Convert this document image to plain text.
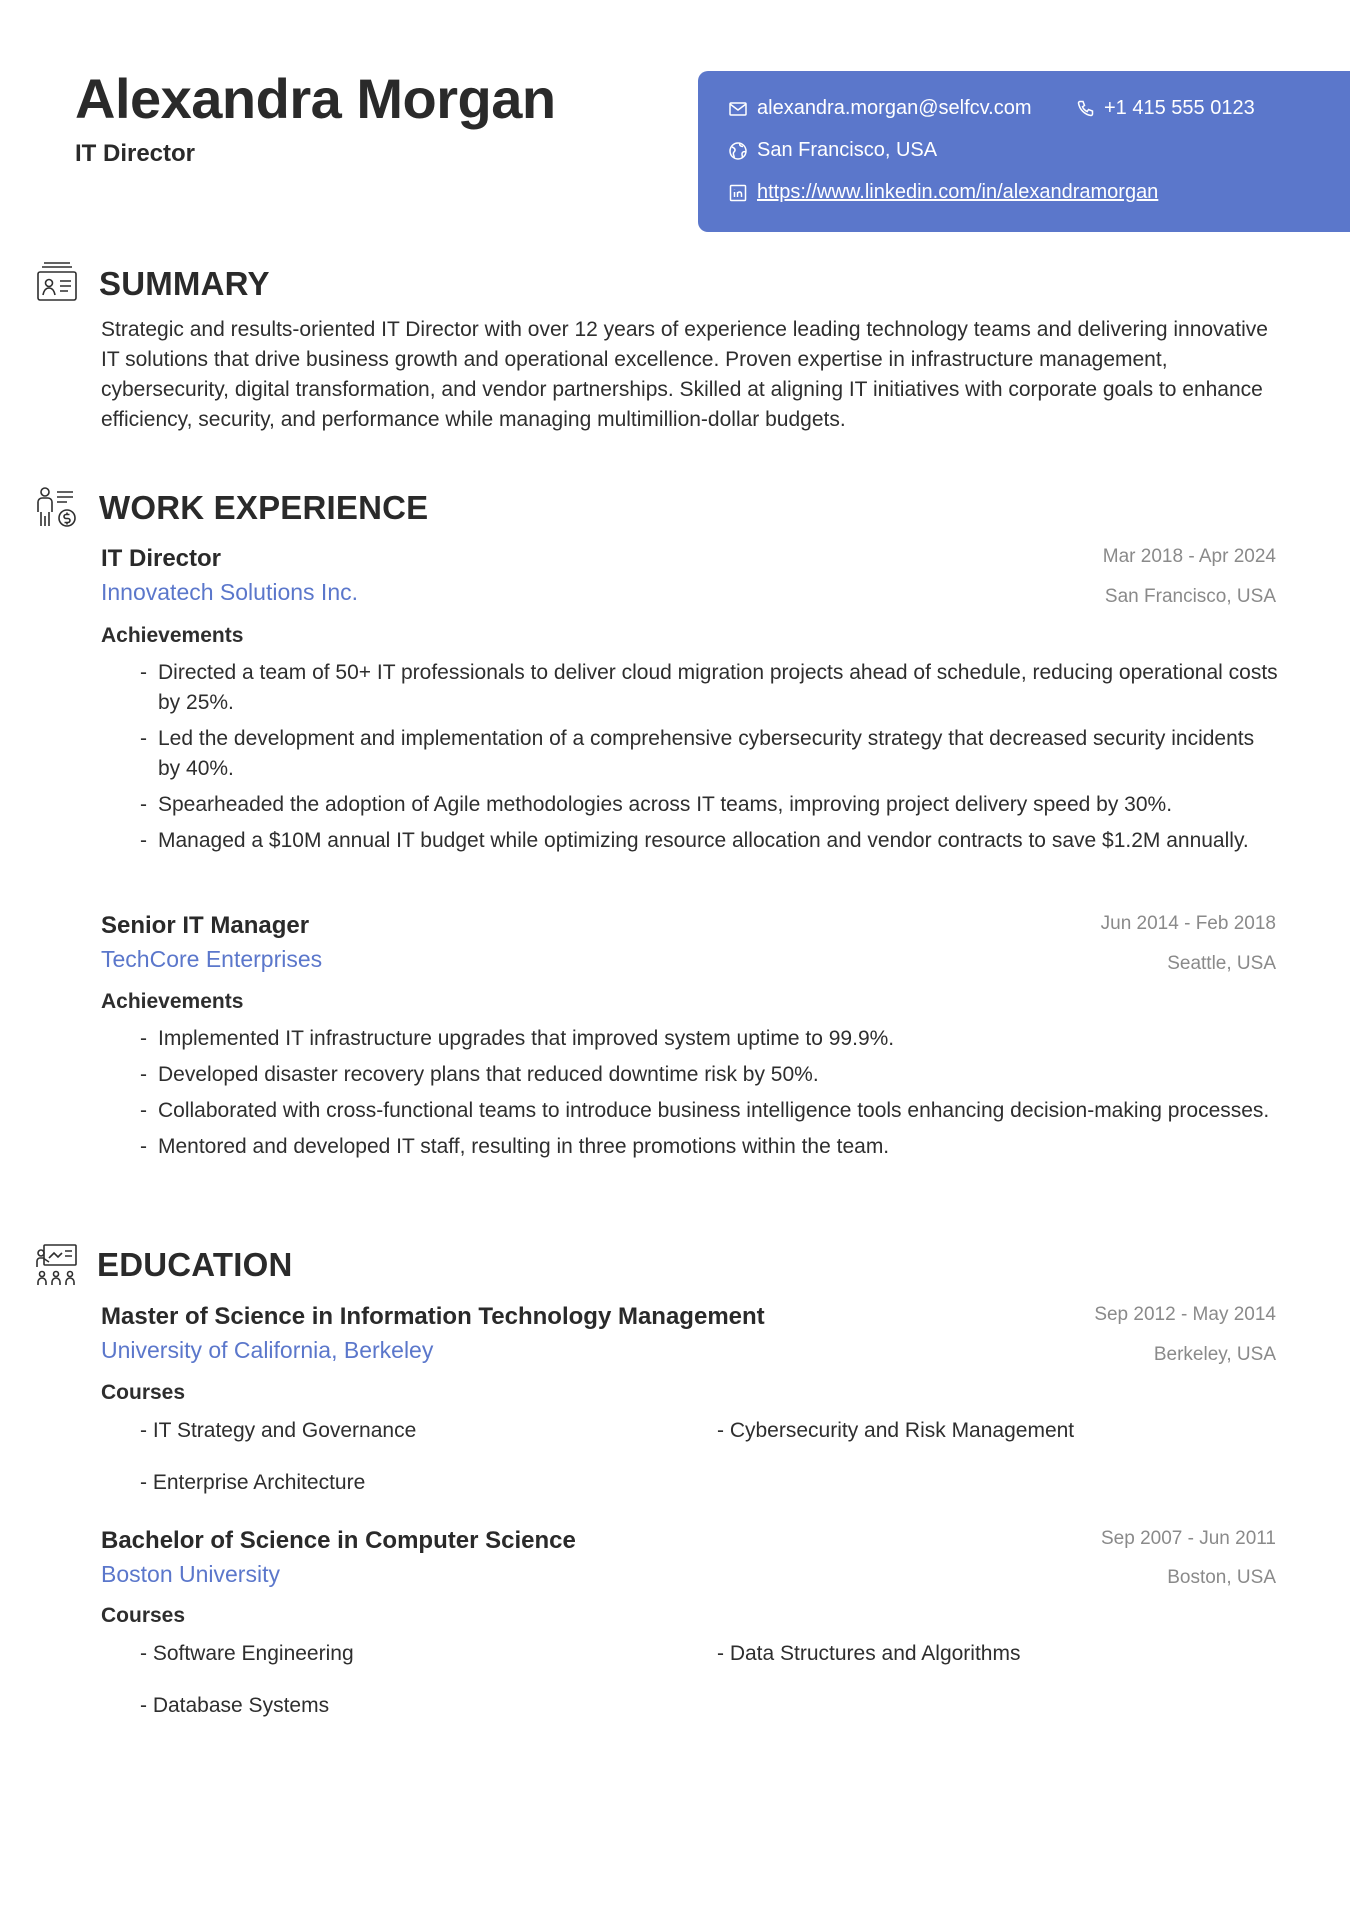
Alexandra Morgan
IT Director
alexandra.morgan@selfcv.com	+1 415 555 0123
San Francisco, USA
https://www.linkedin.com/in/alexandramorgan
SUMMARY
Strategic and results-oriented IT Director with over 12 years of experience leading technology teams and delivering innovative IT solutions that drive business growth and operational excellence. Proven expertise in infrastructure management, cybersecurity, digital transformation, and vendor partnerships. Skilled at aligning IT initiatives with corporate goals to enhance efficiency, security, and performance while managing multimillion-dollar budgets.
WORK EXPERIENCE
IT Director	Mar 2018 - Apr 2024
Innovatech Solutions Inc.	San Francisco, USA
Achievements
- Directed a team of 50+ IT professionals to deliver cloud migration projects ahead of schedule, reducing operational costs by 25%.
- Led the development and implementation of a comprehensive cybersecurity strategy that decreased security incidents by 40%.
- Spearheaded the adoption of Agile methodologies across IT teams, improving project delivery speed by 30%.
- Managed a $10M annual IT budget while optimizing resource allocation and vendor contracts to save $1.2M annually.
Senior IT Manager	Jun 2014 - Feb 2018
TechCore Enterprises	Seattle, USA
Achievements
- Implemented IT infrastructure upgrades that improved system uptime to 99.9%.
- Developed disaster recovery plans that reduced downtime risk by 50%.
- Collaborated with cross-functional teams to introduce business intelligence tools enhancing decision-making processes.
- Mentored and developed IT staff, resulting in three promotions within the team.
EDUCATION
Master of Science in Information Technology Management	Sep 2012 - May 2014
University of California, Berkeley	Berkeley, USA
Courses
- IT Strategy and Governance	- Cybersecurity and Risk Management
- Enterprise Architecture
Bachelor of Science in Computer Science	Sep 2007 - Jun 2011
Boston University	Boston, USA
Courses
- Software Engineering	- Data Structures and Algorithms
- Database Systems
